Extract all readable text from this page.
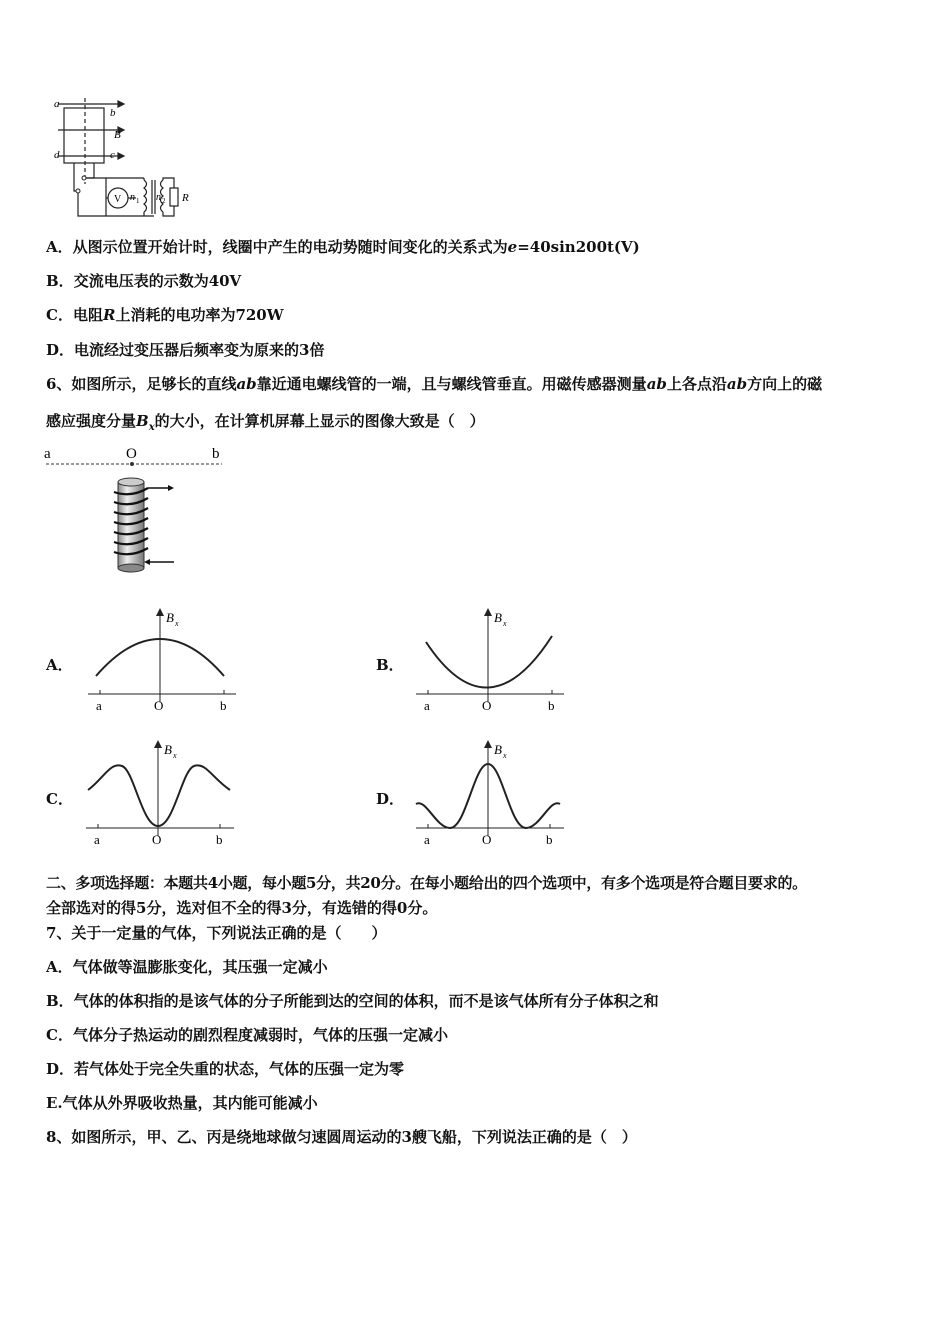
a
b
B
c
d
V n 1 n 2 R
A．从图示位置开始计时，线圈中产生的电动势随时间变化的关系式为e=40sin200t(V)
B．交流电压表的示数为40V
C．电阻R上消耗的电功率为720W
D．电流经过变压器后频率变为原来的3倍
6、如图所示，足够长的直线ab靠近通电螺线管的一端，且与螺线管垂直。用磁传感器测量ab上各点沿ab方向上的磁
感应强度分量$B_x$的大小，在计算机屏幕上显示的图像大致是（　）
a	O	b
A．	B．
C．	D．
B x
a	O	b
B x
a	O	b
B x
a	O	b
B x
a	O	b
二、多项选择题：本题共4小题，每小题5分，共20分。在每小题给出的四个选项中，有多个选项是符合题目要求的。
全部选对的得5分，选对但不全的得3分，有选错的得0分。
7、关于一定量的气体，下列说法正确的是（　　）
A．气体做等温膨胀变化，其压强一定减小
B．气体的体积指的是该气体的分子所能到达的空间的体积，而不是该气体所有分子体积之和
C．气体分子热运动的剧烈程度减弱时，气体的压强一定减小
D．若气体处于完全失重的状态，气体的压强一定为零
E.气体从外界吸收热量，其内能可能减小
8、如图所示，甲、乙、丙是绕地球做匀速圆周运动的3艘飞船，下列说法正确的是（　）
